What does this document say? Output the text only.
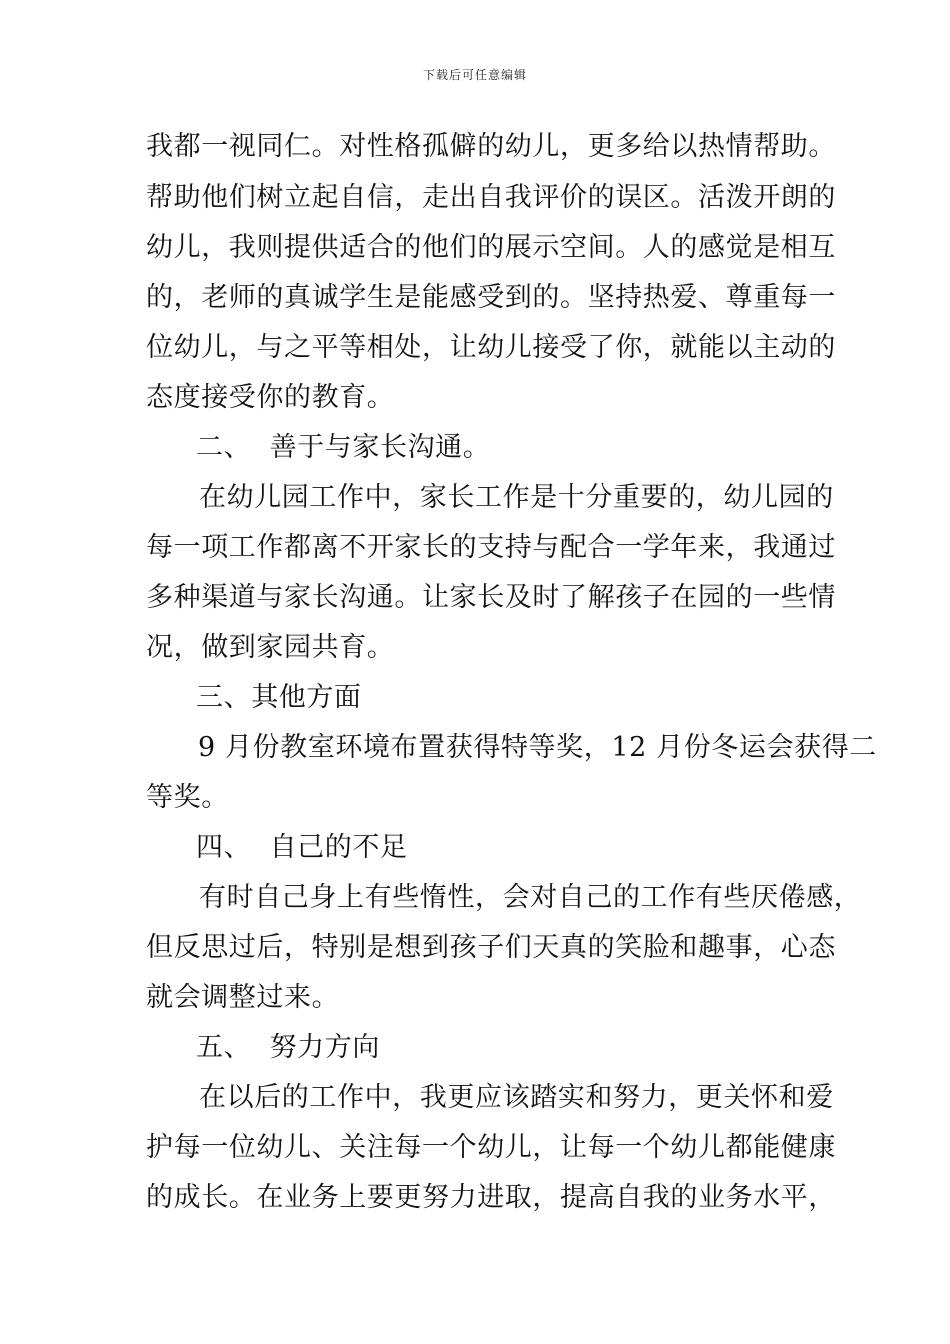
下载后可任意编辑
我都一视同仁。对性格孤僻的幼儿，更多给以热情帮助。
帮助他们树立起自信，走出自我评价的误区。活泼开朗的
幼儿，我则提供适合的他们的展示空间。人的感觉是相互
的，老师的真诚学生是能感受到的。坚持热爱、尊重每一
位幼儿，与之平等相处，让幼儿接受了你，就能以主动的
态度接受你的教育。
二、  善于与家长沟通。
在幼儿园工作中，家长工作是十分重要的，幼儿园的
每一项工作都离不开家长的支持与配合一学年来，我通过
多种渠道与家长沟通。让家长及时了解孩子在园的一些情
况，做到家园共育。
三、其他方面
9 月份教室环境布置获得特等奖，12 月份冬运会获得二
等奖。
四、  自己的不足
有时自己身上有些惰性，会对自己的工作有些厌倦感，
但反思过后，特别是想到孩子们天真的笑脸和趣事，心态
就会调整过来。
五、  努力方向
在以后的工作中，我更应该踏实和努力，更关怀和爱
护每一位幼儿、关注每一个幼儿，让每一个幼儿都能健康
的成长。在业务上要更努力进取，提高自我的业务水平，
